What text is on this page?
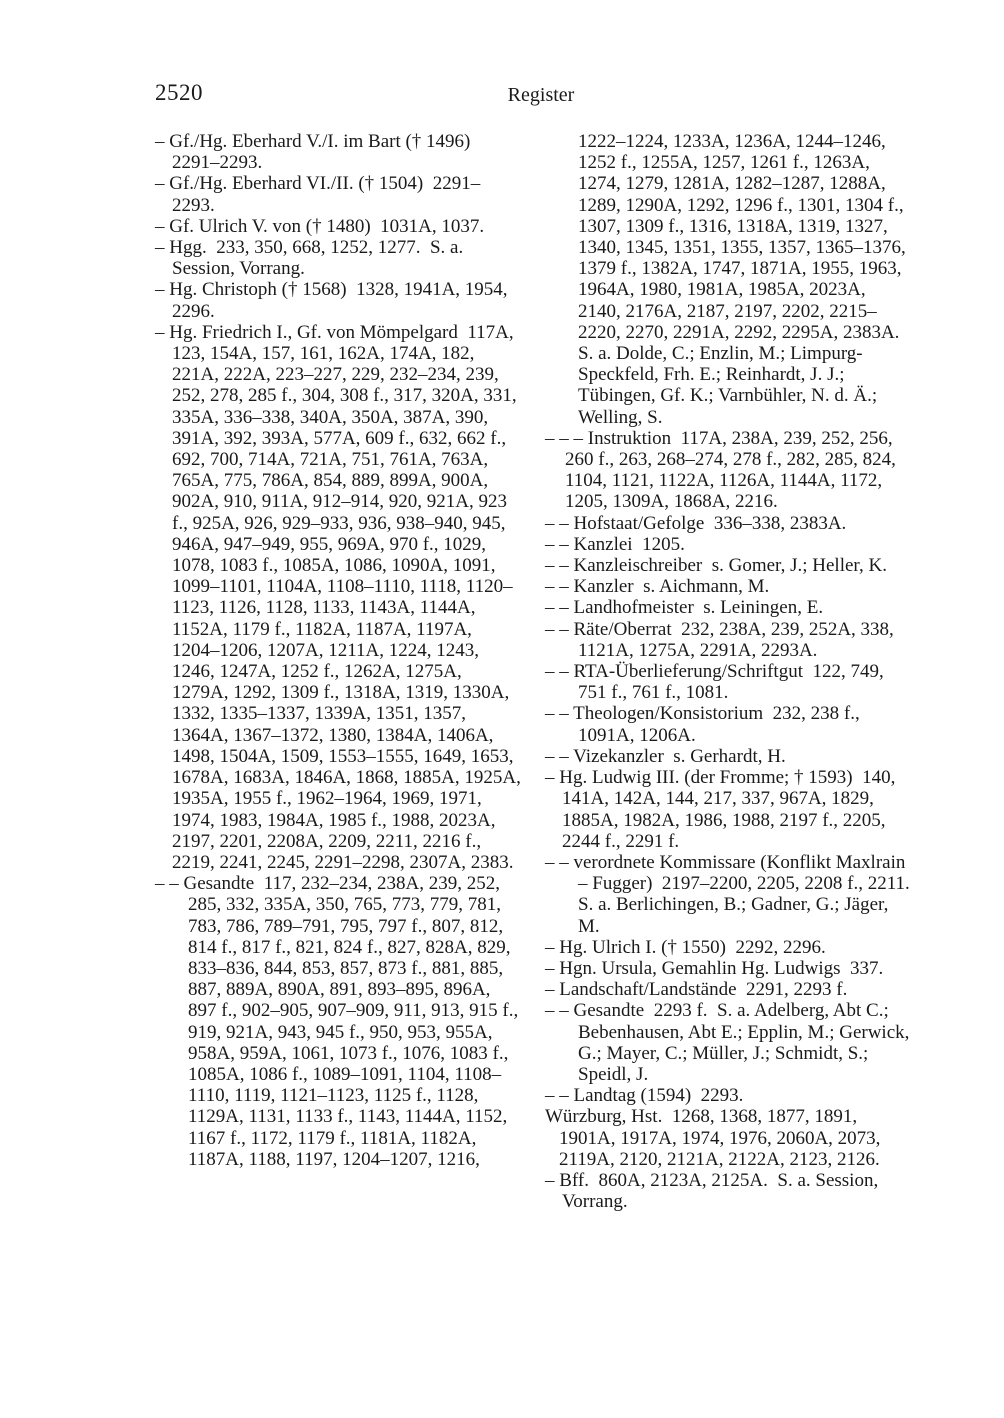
2520	Register
– Gf./Hg. Eberhard V./I. im Bart († 1496)  2291–2293.
– Gf./Hg. Eberhard VI./II. († 1504)  2291–2293.
– Gf. Ulrich V. von († 1480)  1031A, 1037.
– Hgg.  233, 350, 668, 1252, 1277.  S. a. Session, Vorrang.
– Hg. Christoph († 1568)  1328, 1941A, 1954, 2296.
– Hg. Friedrich I., Gf. von Mömpelgard  117A, 123, 154A, 157, 161, 162A, 174A, 182, 221A, 222A, 223–227, 229, 232–234, 239, 252, 278, 285 f., 304, 308 f., 317, 320A, 331, 335A, 336–338, 340A, 350A, 387A, 390, 391A, 392, 393A, 577A, 609 f., 632, 662 f., 692, 700, 714A, 721A, 751, 761A, 763A, 765A, 775, 786A, 854, 889, 899A, 900A, 902A, 910, 911A, 912–914, 920, 921A, 923 f., 925A, 926, 929–933, 936, 938–940, 945, 946A, 947–949, 955, 969A, 970 f., 1029, 1078, 1083 f., 1085A, 1086, 1090A, 1091, 1099–1101, 1104A, 1108–1110, 1118, 1120–1123, 1126, 1128, 1133, 1143A, 1144A, 1152A, 1179 f., 1182A, 1187A, 1197A, 1204–1206, 1207A, 1211A, 1224, 1243, 1246, 1247A, 1252 f., 1262A, 1275A, 1279A, 1292, 1309 f., 1318A, 1319, 1330A, 1332, 1335–1337, 1339A, 1351, 1357, 1364A, 1367–1372, 1380, 1384A, 1406A, 1498, 1504A, 1509, 1553–1555, 1649, 1653, 1678A, 1683A, 1846A, 1868, 1885A, 1925A, 1935A, 1955 f., 1962–1964, 1969, 1971, 1974, 1983, 1984A, 1985 f., 1988, 2023A, 2197, 2201, 2208A, 2209, 2211, 2216 f., 2219, 2241, 2245, 2291–2298, 2307A, 2383.
– – Gesandte  117, 232–234, 238A, 239, 252, 285, 332, 335A, 350, 765, 773, 779, 781, 783, 786, 789–791, 795, 797 f., 807, 812, 814 f., 817 f., 821, 824 f., 827, 828A, 829, 833–836, 844, 853, 857, 873 f., 881, 885, 887, 889A, 890A, 891, 893–895, 896A, 897 f., 902–905, 907–909, 911, 913, 915 f., 919, 921A, 943, 945 f., 950, 953, 955A, 958A, 959A, 1061, 1073 f., 1076, 1083 f., 1085A, 1086 f., 1089–1091, 1104, 1108–1110, 1119, 1121–1123, 1125 f., 1128, 1129A, 1131, 1133 f., 1143, 1144A, 1152, 1167 f., 1172, 1179 f., 1181A, 1182A, 1187A, 1188, 1197, 1204–1207, 1216,
1222–1224, 1233A, 1236A, 1244–1246, 1252 f., 1255A, 1257, 1261 f., 1263A, 1274, 1279, 1281A, 1282–1287, 1288A, 1289, 1290A, 1292, 1296 f., 1301, 1304 f., 1307, 1309 f., 1316, 1318A, 1319, 1327, 1340, 1345, 1351, 1355, 1357, 1365–1376, 1379 f., 1382A, 1747, 1871A, 1955, 1963, 1964A, 1980, 1981A, 1985A, 2023A, 2140, 2176A, 2187, 2197, 2202, 2215–2220, 2270, 2291A, 2292, 2295A, 2383A.  S. a. Dolde, C.; Enzlin, M.; Limpurg-Speckfeld, Frh. E.; Reinhardt, J. J.; Tübingen, Gf. K.; Varnbühler, N. d. Ä.; Welling, S.
– – – Instruktion  117A, 238A, 239, 252, 256, 260 f., 263, 268–274, 278 f., 282, 285, 824, 1104, 1121, 1122A, 1126A, 1144A, 1172, 1205, 1309A, 1868A, 2216.
– – Hofstaat/Gefolge  336–338, 2383A.
– – Kanzlei  1205.
– – Kanzleischreiber  s. Gomer, J.; Heller, K.
– – Kanzler  s. Aichmann, M.
– – Landhofmeister  s. Leiningen, E.
– – Räte/Oberrat  232, 238A, 239, 252A, 338, 1121A, 1275A, 2291A, 2293A.
– – RTA-Überlieferung/Schriftgut  122, 749, 751 f., 761 f., 1081.
– – Theologen/Konsistorium  232, 238 f., 1091A, 1206A.
– – Vizekanzler  s. Gerhardt, H.
– Hg. Ludwig III. (der Fromme; † 1593)  140, 141A, 142A, 144, 217, 337, 967A, 1829, 1885A, 1982A, 1986, 1988, 2197 f., 2205, 2244 f., 2291 f.
– – verordnete Kommissare (Konflikt Maxlrain – Fugger)  2197–2200, 2205, 2208 f., 2211.  S. a. Berlichingen, B.; Gadner, G.; Jäger, M.
– Hg. Ulrich I. († 1550)  2292, 2296.
– Hgn. Ursula, Gemahlin Hg. Ludwigs  337.
– Landschaft/Landstände  2291, 2293 f.
– – Gesandte  2293 f.  S. a. Adelberg, Abt C.; Bebenhausen, Abt E.; Epplin, M.; Gerwick, G.; Mayer, C.; Müller, J.; Schmidt, S.; Speidl, J.
– – Landtag (1594)  2293.
Würzburg, Hst.  1268, 1368, 1877, 1891, 1901A, 1917A, 1974, 1976, 2060A, 2073, 2119A, 2120, 2121A, 2122A, 2123, 2126.
– Bff.  860A, 2123A, 2125A.  S. a. Session, Vorrang.
